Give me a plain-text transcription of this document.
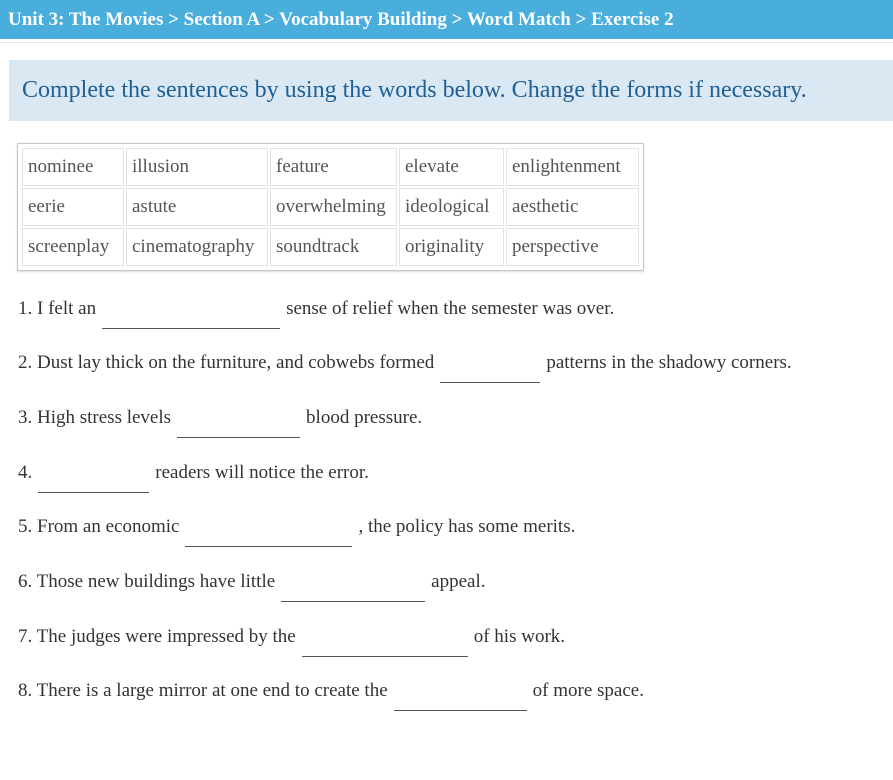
Unit 3: The Movies > Section A > Vocabulary Building > Word Match > Exercise 2
Complete the sentences by using the words below. Change the forms if necessary.
nominee	illusion	feature	elevate	enlightenment
eerie	astute	overwhelming	ideological	aesthetic
screenplay	cinematography	soundtrack	originality	perspective
1. I felt an	sense of relief when the semester was over.
2. Dust lay thick on the furniture, and cobwebs formed	patterns in the shadowy corners.
3. High stress levels	blood pressure.
4.	readers will notice the error.
5. From an economic	, the policy has some merits.
6. Those new buildings have little	appeal.
7. The judges were impressed by the	of his work.
8. There is a large mirror at one end to create the	of more space.
